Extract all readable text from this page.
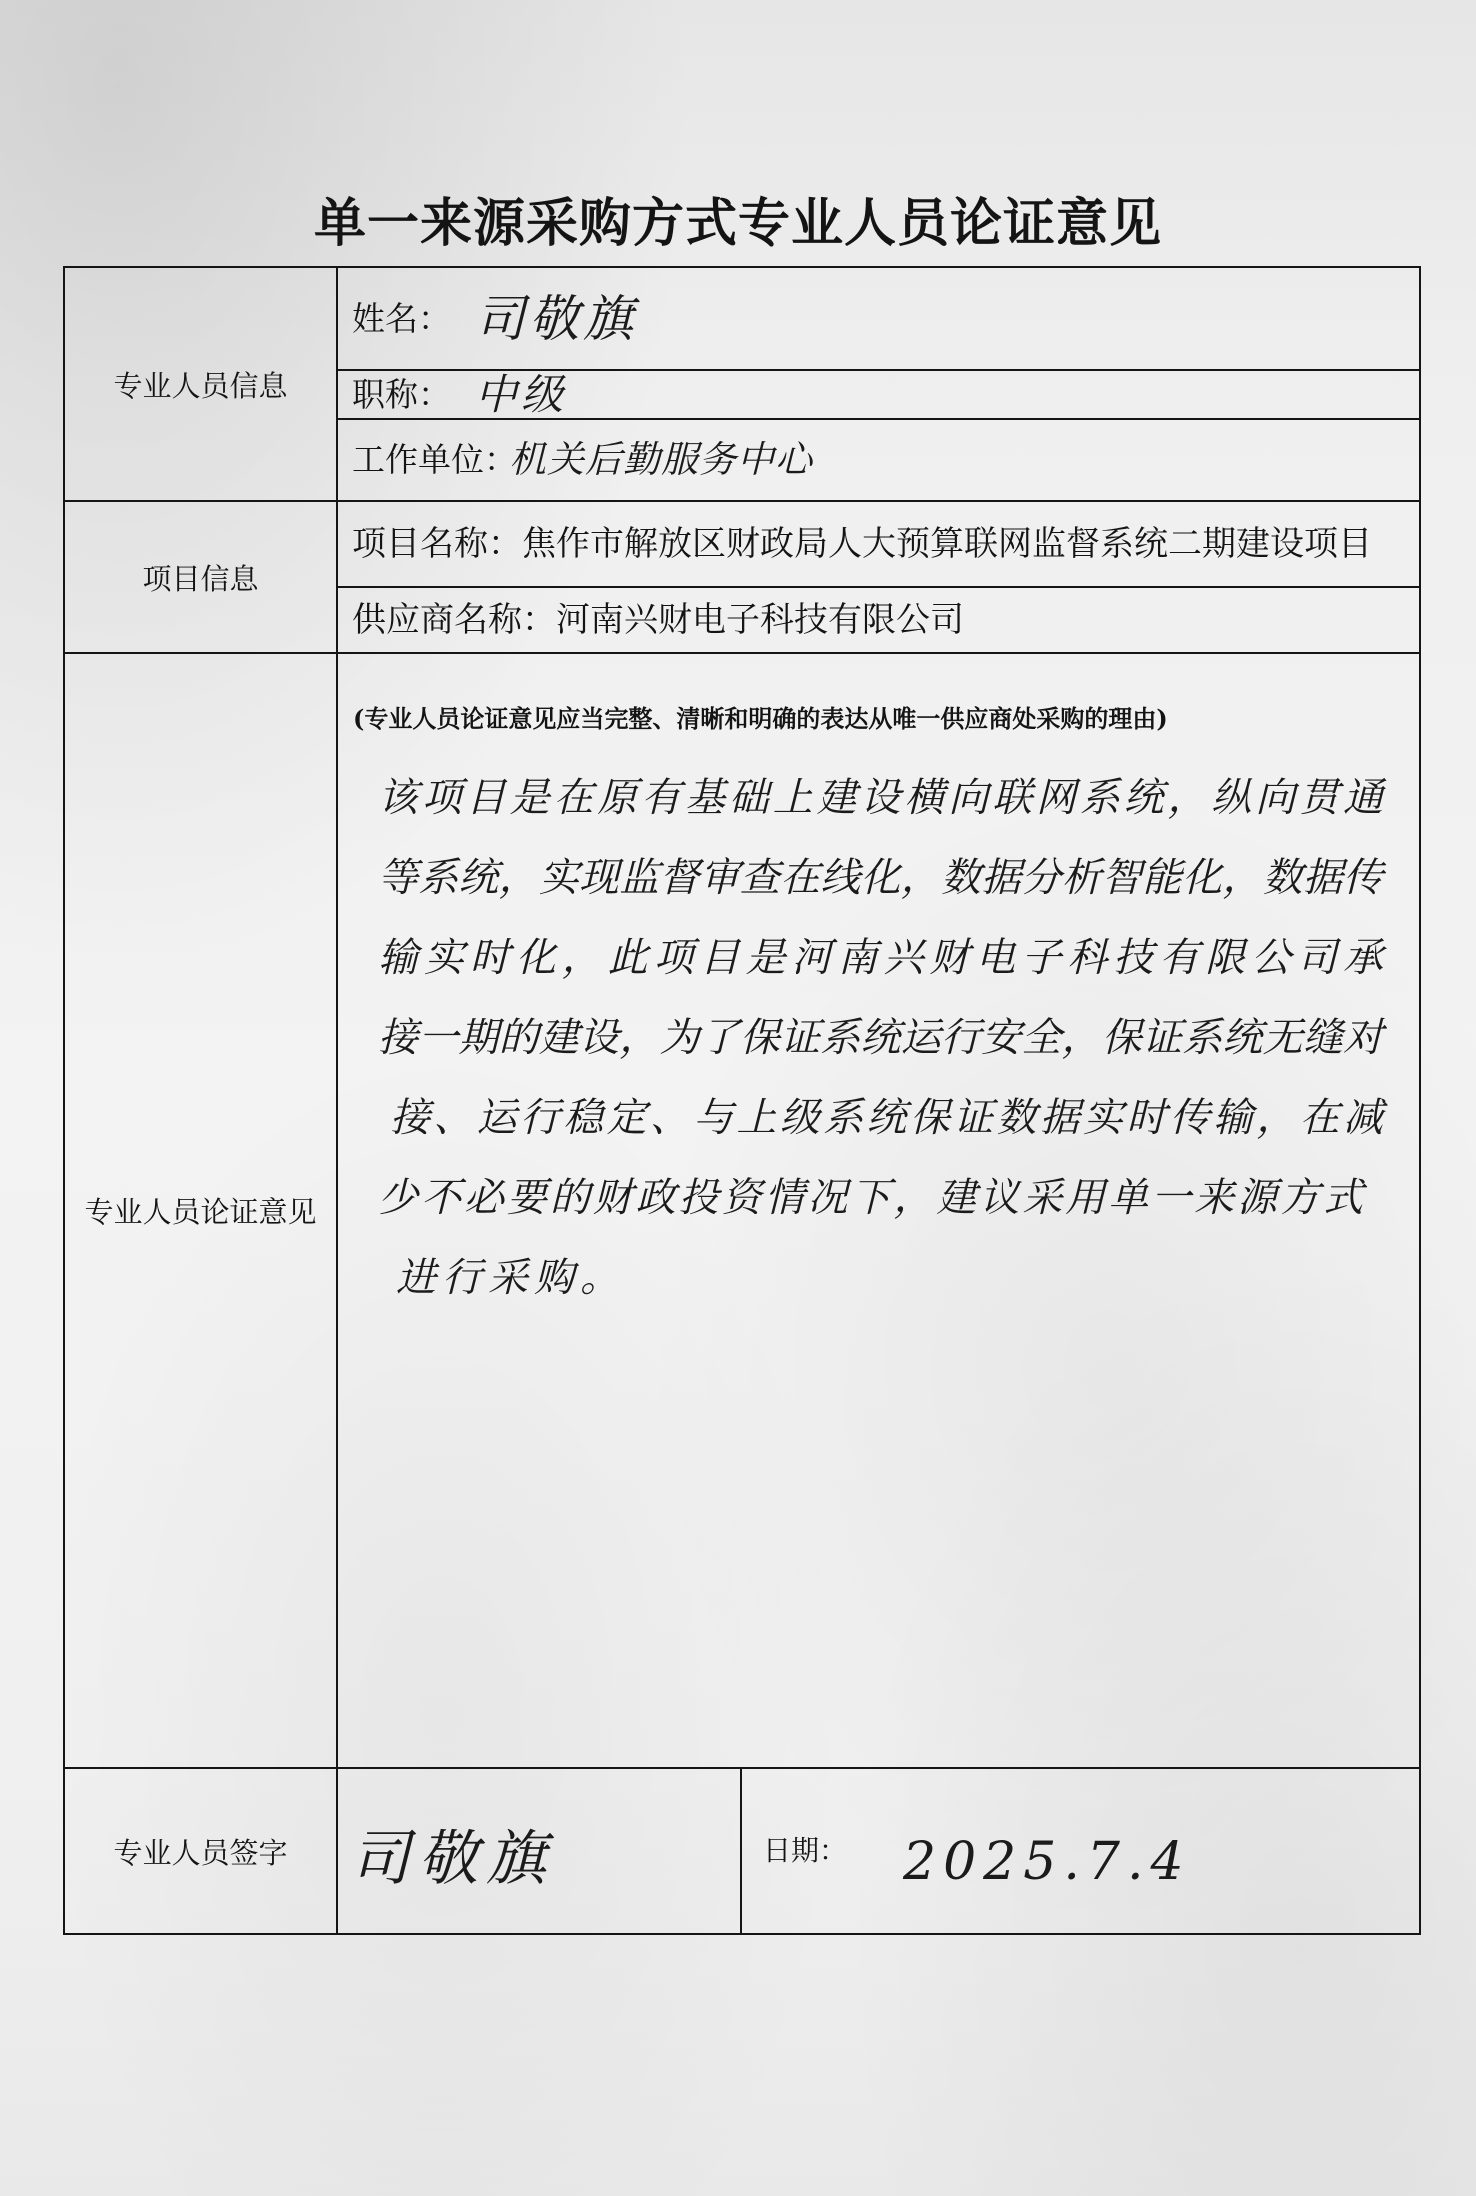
单一来源采购方式专业人员论证意见
专业人员信息
姓名： 司敬旗
职称： 中级
工作单位：
机关后勤服务中心
项目信息
项目名称： 焦作市解放区财政局人大预算联网监督系统二期建设项目
供应商名称： 河南兴财电子科技有限公司
专业人员论证意见
(专业人员论证意见应当完整、清晰和明确的表达从唯一供应商处采购的理由)
该项目是在原有基础上建设横向联网系统，纵向贯通
等系统，实现监督审查在线化，数据分析智能化，数据传
输实时化，此项目是河南兴财电子科技有限公司承
接一期的建设，为了保证系统运行安全，保证系统无缝对
接、运行稳定、与上级系统保证数据实时传输，在减
少不必要的财政投资情况下，建议采用单一来源方式
进行采购。
专业人员签字	司敬旗	日期： 2025.7.4
